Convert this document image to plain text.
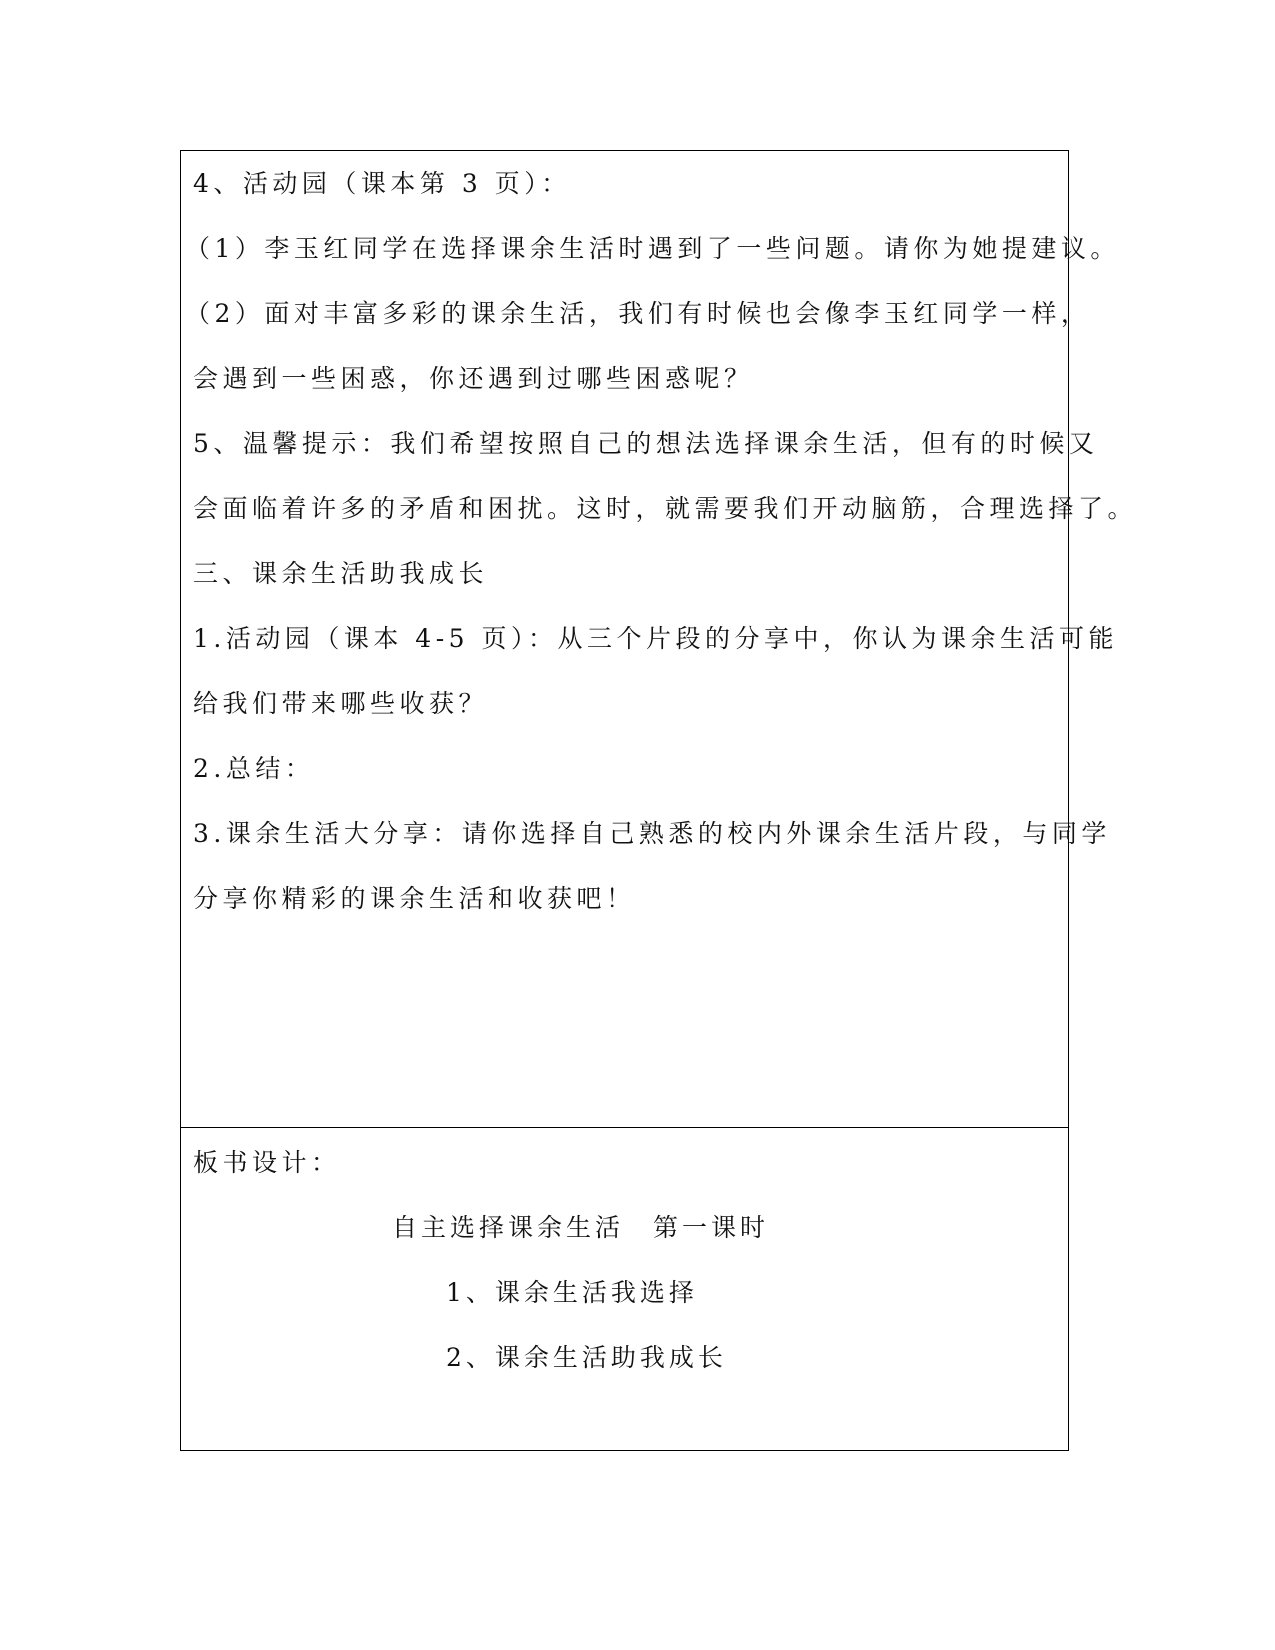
4、活动园（课本第 3 页）：
（1）李玉红同学在选择课余生活时遇到了一些问题。请你为她提建议。
（2）面对丰富多彩的课余生活，我们有时候也会像李玉红同学一样，
会遇到一些困惑，你还遇到过哪些困惑呢？
5、温馨提示：我们希望按照自己的想法选择课余生活，但有的时候又
会面临着许多的矛盾和困扰。这时，就需要我们开动脑筋，合理选择了。
三、课余生活助我成长
1.活动园（课本 4-5 页）：从三个片段的分享中，你认为课余生活可能
给我们带来哪些收获？
2.总结：
3.课余生活大分享：请你选择自己熟悉的校内外课余生活片段，与同学
分享你精彩的课余生活和收获吧！
板书设计：
自主选择课余生活　第一课时
1、课余生活我选择
2、课余生活助我成长
